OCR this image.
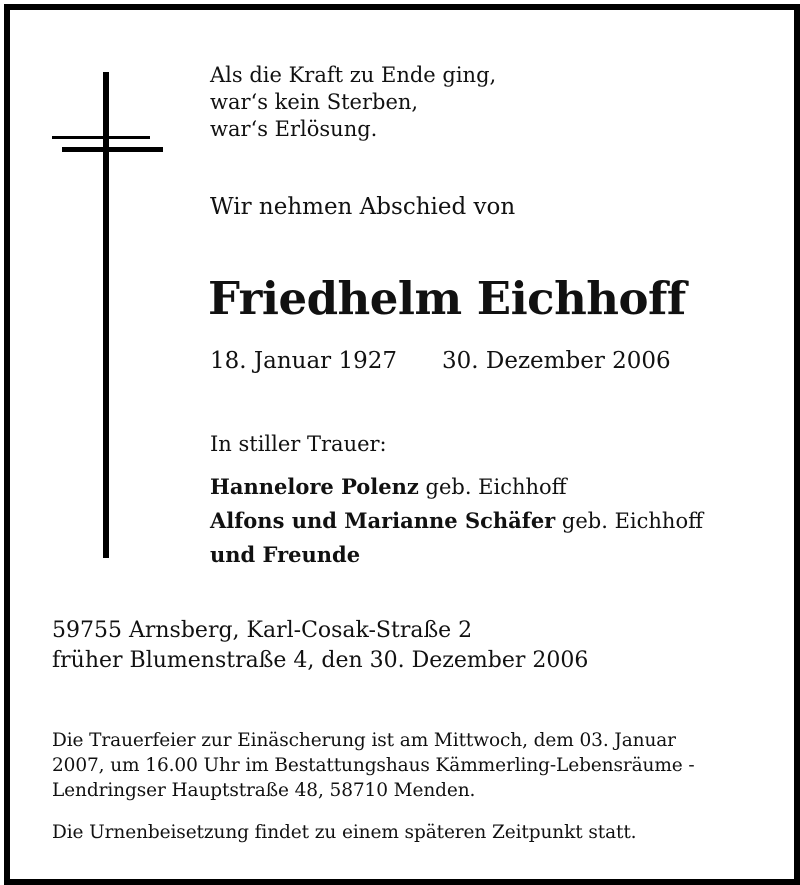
Als die Kraft zu Ende ging,
war‘s kein Sterben,
war‘s Erlösung.
Wir nehmen Abschied von
Friedhelm Eichhoff
18. Januar 1927 30. Dezember 2006
In stiller Trauer:
Hannelore Polenz geb. Eichhoff
Alfons und Marianne Schäfer geb. Eichhoff
und Freunde
59755 Arnsberg, Karl-Cosak-Straße 2
früher Blumenstraße 4, den 30. Dezember 2006
Die Trauerfeier zur Einäscherung ist am Mittwoch, dem 03. Januar
2007, um 16.00 Uhr im Bestattungshaus Kämmerling-Lebensräume -
Lendringser Hauptstraße 48, 58710 Menden.
Die Urnenbeisetzung findet zu einem späteren Zeitpunkt statt.
